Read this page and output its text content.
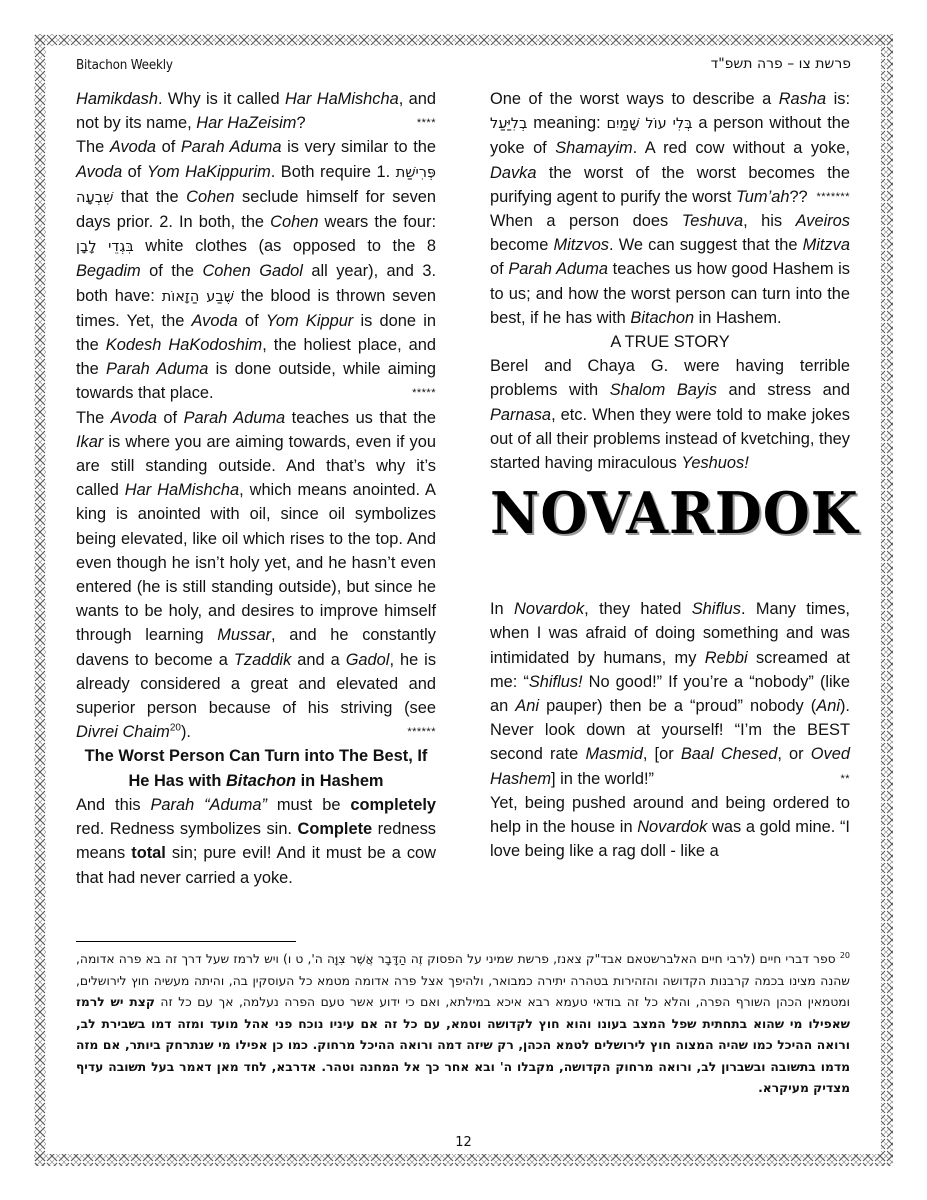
Bitachon Weekly	פרשת צו – פרה תשפ"ד

Hamikdash. Why is it called Har HaMishcha, and not by its name, Har HaZeisim?	****

The Avoda of Parah Aduma is very similar to the Avoda of Yom HaKippurim. Both require 1. פְּרִישַׁת שִׁבְעָה that the Cohen seclude himself for seven days prior. 2. In both, the Cohen wears the four: בִּגְדֵי לָבָן white clothes (as opposed to the 8 Begadim of the Cohen Gadol all year), and 3. both have: שֶׁבַע הַזָאוֹת the blood is thrown seven times. Yet, the Avoda of Yom Kippur is done in the Kodesh HaKodoshim, the holiest place, and the Parah Aduma is done outside, while aiming towards that place.	*****

The Avoda of Parah Aduma teaches us that the Ikar is where you are aiming towards, even if you are still standing outside. And that’s why it’s called Har HaMishcha, which means anointed. A king is anointed with oil, since oil symbolizes being elevated, like oil which rises to the top. And even though he isn’t holy yet, and he hasn’t even entered (he is still standing outside), but since he wants to be holy, and desires to improve himself through learning Mussar, and he constantly davens to become a Tzaddik and a Gadol, he is already considered a great and elevated and superior person because of his striving (see Divrei Chaim$^{20}$).	******

The Worst Person Can Turn into The Best, If He Has with Bitachon in Hashem

And this Parah “Aduma” must be completely red. Redness symbolizes sin. Complete redness means total sin; pure evil! And it must be a cow that had never carried a yoke.

One of the worst ways to describe a Rasha is: בְלִיַּעַל meaning: בְּלִי עוֹל שָׁמַיִם a person without the yoke of Shamayim. A red cow without a yoke, Davka the worst of the worst becomes the purifying agent to purify the worst Tum’ah?? *******

When a person does Teshuva, his Aveiros become Mitzvos. We can suggest that the Mitzva of Parah Aduma teaches us how good Hashem is to us; and how the worst person can turn into the best, if he has with Bitachon in Hashem.

A TRUE STORY

Berel and Chaya G. were having terrible problems with Shalom Bayis and stress and Parnasa, etc. When they were told to make jokes out of all their problems instead of kvetching, they started having miraculous Yeshuos!

NOVARDOK

In Novardok, they hated Shiflus. Many times, when I was afraid of doing something and was intimidated by humans, my Rebbi screamed at me: “Shiflus! No good!” If you’re a “nobody” (like an Ani pauper) then be a “proud” nobody (Ani). Never look down at yourself! “I’m the BEST second rate Masmid, [or Baal Chesed, or Oved Hashem] in the world!”	**

Yet, being pushed around and being ordered to help in the house in Novardok was a gold mine. “I love being like a rag doll - like a

$^{20}$ ספר דברי חיים (לרבי חיים האלברשטאם אבד"ק צאנז, פרשת שמיני על הפסוק זֶה הַדָּבָר אֲשֶׁר צִוָּה ה', ט ו) ויש לרמז שעל דרך זה בא פרה אדומה, שהנה מצינו בכמה קרבנות הקדושה והזהירות בטהרה יתירה כמבואר, ולהיפך אצל פרה אדומה מטמא כל העוסקין בה, והיתה מעשיה חוץ לירושלים, ומטמאין הכהן השורף הפרה, והלא כל זה בודאי טעמא רבא איכא במילתא, ואם כי ידוע אשר טעם הפרה נעלמה, אך עם כל זה קצת יש לרמז שאפילו מי שהוא בתחתית שפל המצב בעונו והוא חוץ לקדושה וטמא, עם כל זה אם עיניו נוכח פני אהל מועד ומזה דמו בשבירת לב, ורואה ההיכל כמו שהיה המצוה חוץ לירושלים לטמא הכהן, רק שיזה דמה ורואה ההיכל מרחוק. כמו כן אפילו מי שנתרחק ביותר, אם מזה מדמו בתשובה ובשברון לב, ורואה מרחוק הקדושה, מקבלו ה' ובא אחר כך אל המחנה וטהר. אדרבא, לחד מאן דאמר בעל תשובה עדיף מצדיק מעיקרא.
12
